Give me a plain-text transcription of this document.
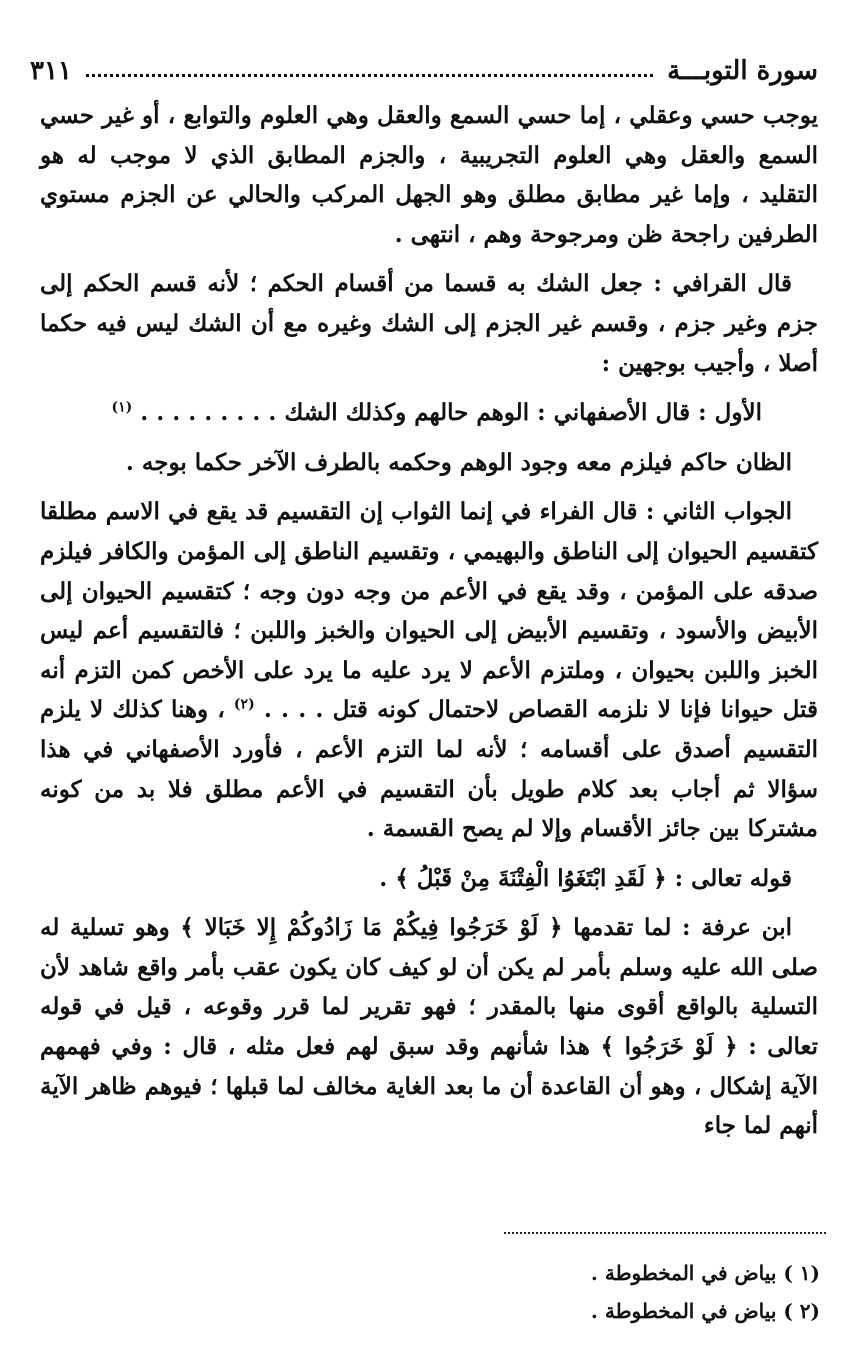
سورة التوبـــة
٣١١

يوجب حسي وعقلي ، إما حسي السمع والعقل وهي العلوم والتوابع ، أو غير حسي السمع والعقل وهي العلوم التجريبية ، والجزم المطابق الذي لا موجب له هو التقليد ، وإما غير مطابق مطلق وهو الجهل المركب والحالي عن الجزم مستوي الطرفين راجحة ظن ومرجوحة وهم ، انتهى .

قال القرافي : جعل الشك به قسما من أقسام الحكم ؛ لأنه قسم الحكم إلى جزم وغير جزم ، وقسم غير الجزم إلى الشك وغيره مع أن الشك ليس فيه حكما أصلا ، وأجيب بوجهين :

الأول : قال الأصفهاني : الوهم حالهم وكذلك الشك . . . . . . . . . $^{(١)}$

الظان حاكم فيلزم معه وجود الوهم وحكمه بالطرف الآخر حكما بوجه .

الجواب الثاني : قال الفراء في إنما الثواب إن التقسيم قد يقع في الاسم مطلقا كتقسيم الحيوان إلى الناطق والبهيمي ، وتقسيم الناطق إلى المؤمن والكافر فيلزم صدقه على المؤمن ، وقد يقع في الأعم من وجه دون وجه ؛ كتقسيم الحيوان إلى الأبيض والأسود ، وتقسيم الأبيض إلى الحيوان والخبز واللبن ؛ فالتقسيم أعم ليس الخبز واللبن بحيوان ، وملتزم الأعم لا يرد عليه ما يرد على الأخص كمن التزم أنه قتل حيوانا فإنا لا نلزمه القصاص لاحتمال كونه قتل . . . . $^{(٢)}$ ، وهنا كذلك لا يلزم التقسيم أصدق على أقسامه ؛ لأنه لما التزم الأعم ، فأورد الأصفهاني في هذا سؤالا ثم أجاب بعد كلام طويل بأن التقسيم في الأعم مطلق فلا بد من كونه مشتركا بين جائز الأقسام وإلا لم يصح القسمة .

قوله تعالى : ﴿ لَقَدِ ابْتَغَوُا الْفِتْنَةَ مِنْ قَبْلُ ﴾ .

ابن عرفة : لما تقدمها ﴿ لَوْ خَرَجُوا فِيكُمْ مَا زَادُوكُمْ إِلا خَبَالا ﴾ وهو تسلية له صلى الله عليه وسلم بأمر لم يكن أن لو كيف كان يكون عقب بأمر واقع شاهد لأن التسلية بالواقع أقوى منها بالمقدر ؛ فهو تقرير لما قرر وقوعه ، قيل في قوله تعالى : ﴿ لَوْ خَرَجُوا ﴾ هذا شأنهم وقد سبق لهم فعل مثله ، قال : وفي فهمهم الآية إشكال ، وهو أن القاعدة أن ما بعد الغاية مخالف لما قبلها ؛ فيوهم ظاهر الآية أنهم لما جاء

(١ ) بياض في المخطوطة .
(٢ ) بياض في المخطوطة .
